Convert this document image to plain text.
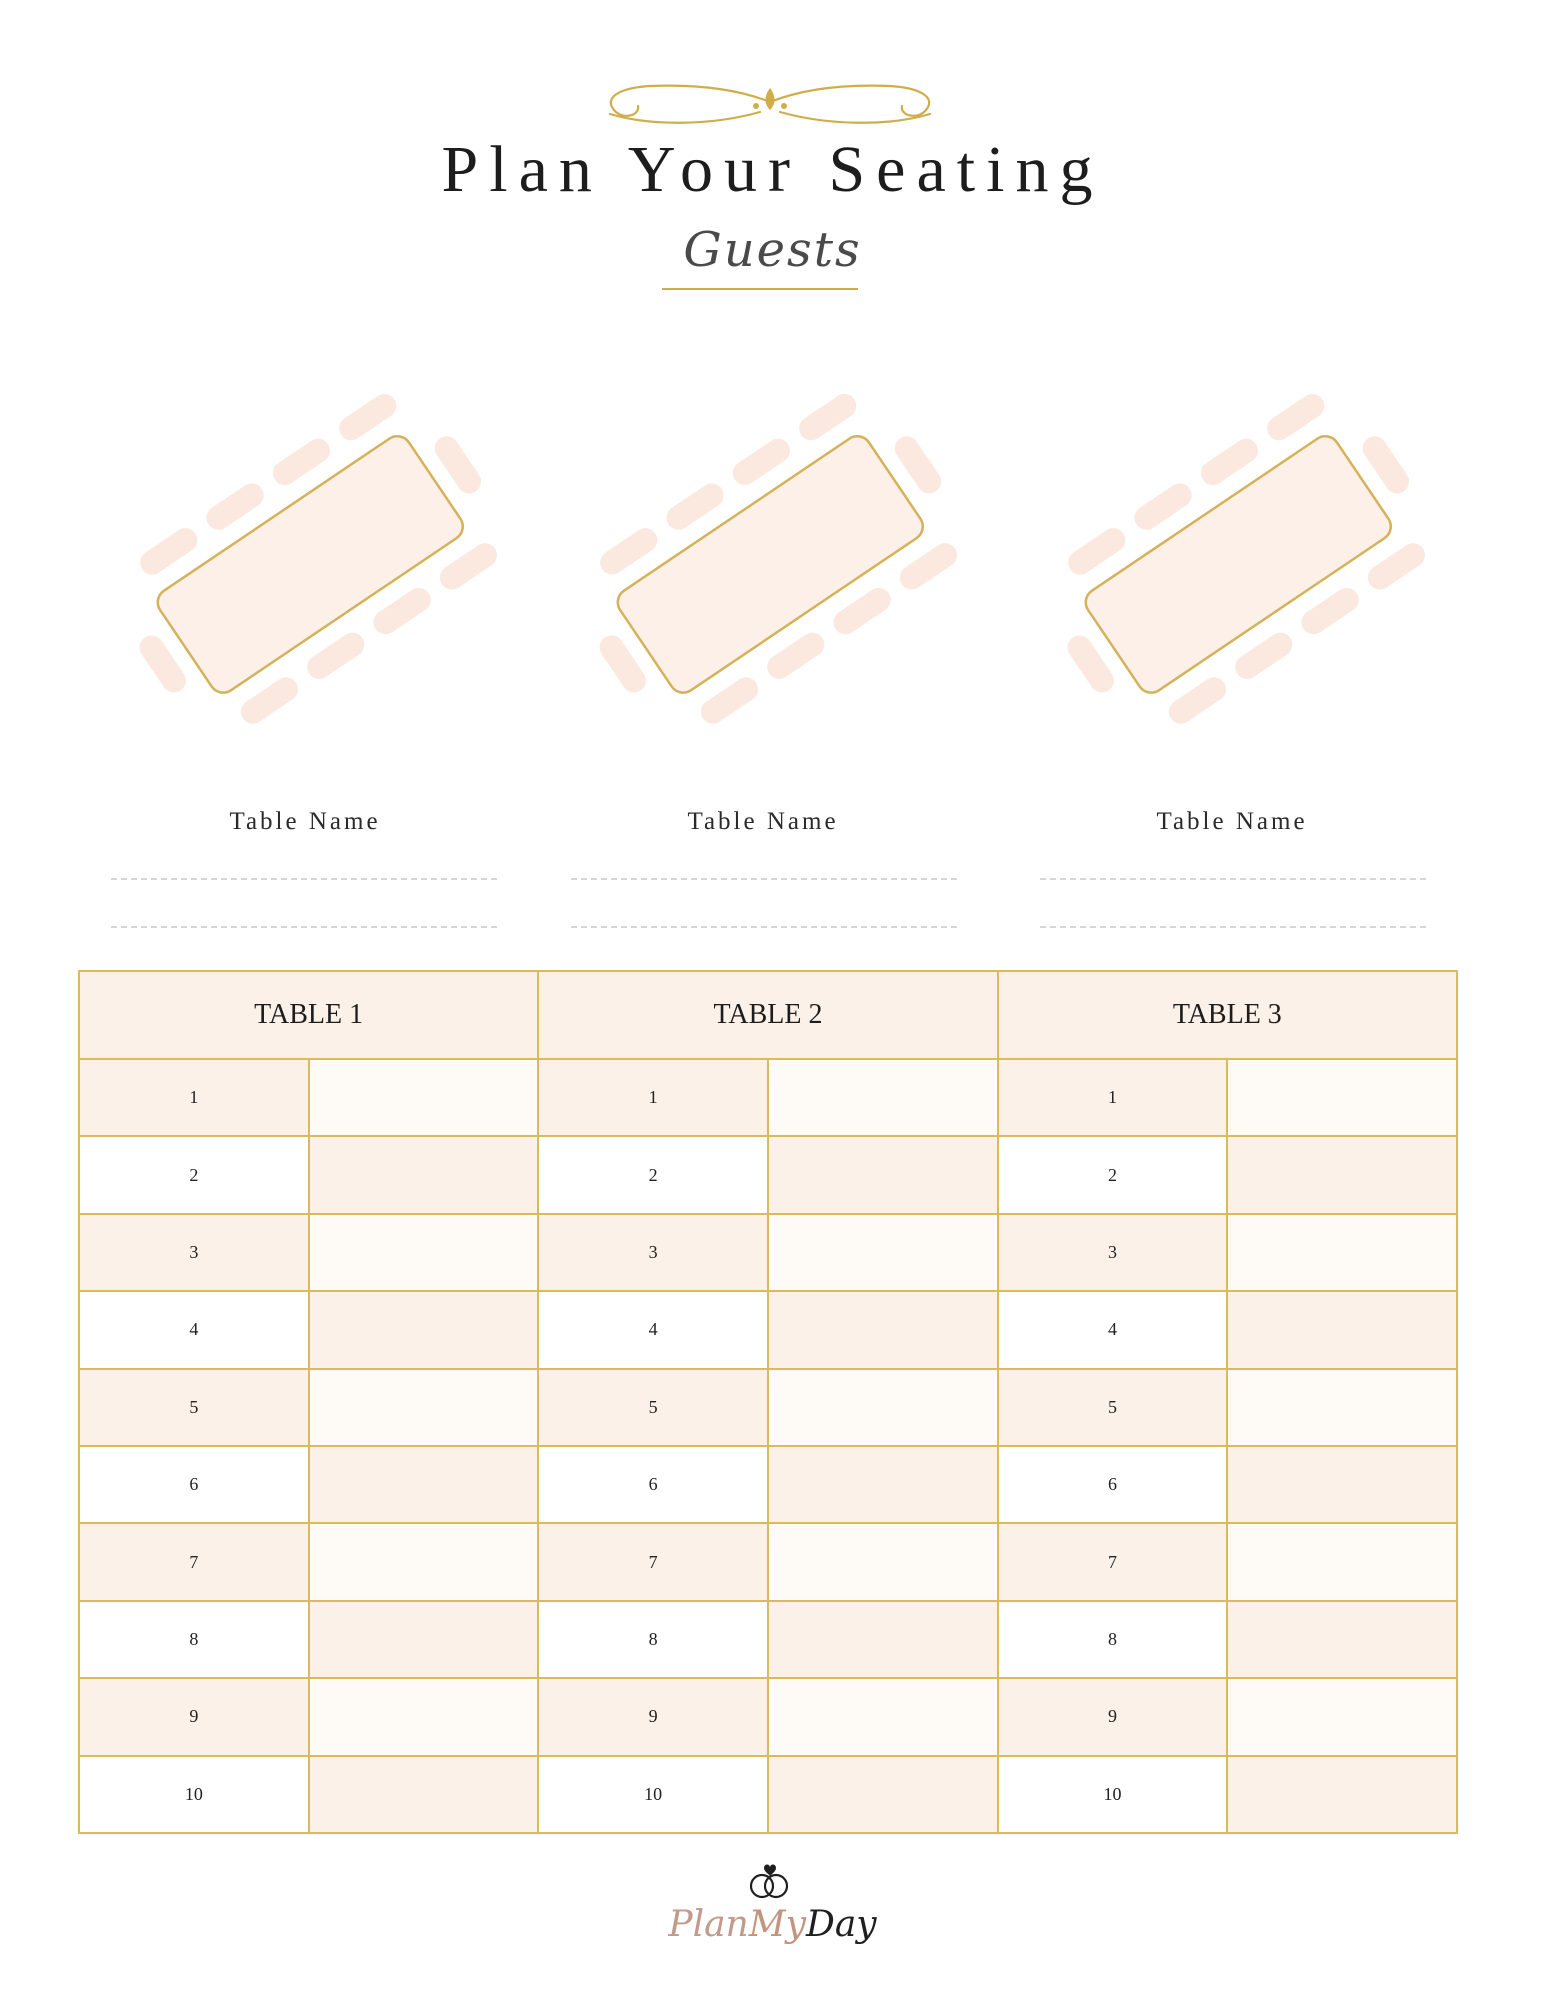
Plan Your Seating
Guests
Table Name	Table Name	Table Name
TABLE 1		TABLE 2		TABLE 3	
1		1		1	
2		2		2	
3		3		3	
4		4		4	
5		5		5	
6		6		6	
7		7		7	
8		8		8	
9		9		9	
10		10		10	
PlanMyDay
